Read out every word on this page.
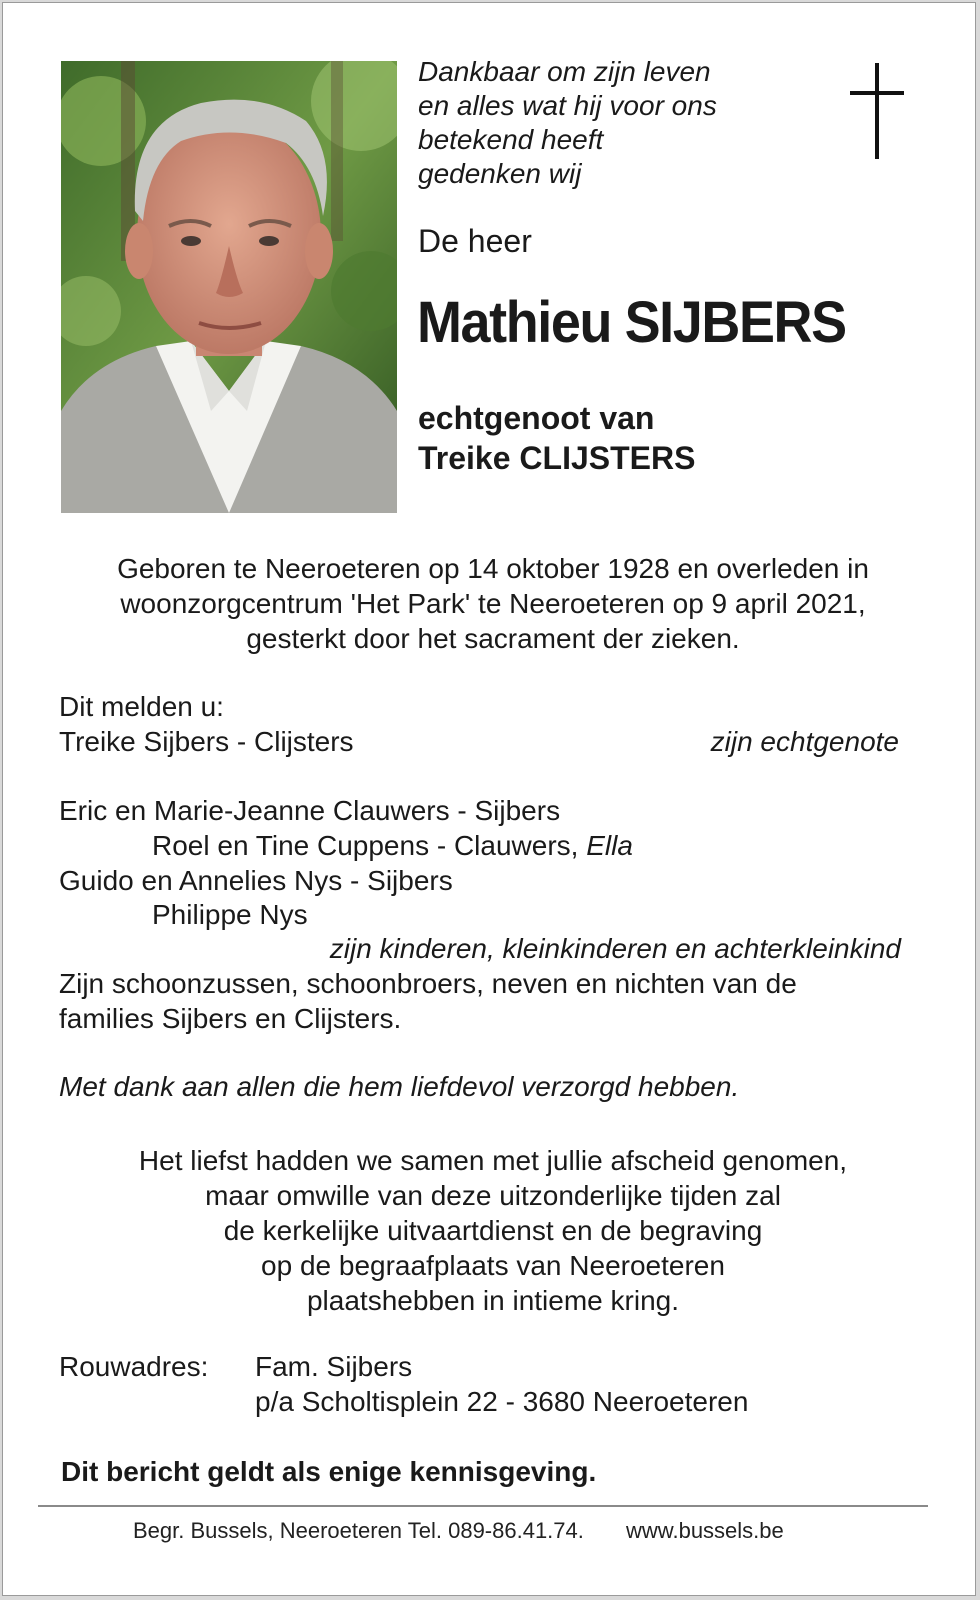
Dankbaar om zijn leven
en alles wat hij voor ons
betekend heeft
gedenken wij
De heer
Mathieu SIJBERS
echtgenoot van
Treike CLIJSTERS
Geboren te Neeroeteren op 14 oktober 1928 en overleden in
woonzorgcentrum 'Het Park' te Neeroeteren op 9 april 2021,
gesterkt door het sacrament der zieken.
Dit melden u:
Treike Sijbers - Clijsters	zijn echtgenote
Eric en Marie-Jeanne Clauwers - Sijbers
Roel en Tine Cuppens - Clauwers, Ella
Guido en Annelies Nys - Sijbers
Philippe Nys
zijn kinderen, kleinkinderen en achterkleinkind
Zijn schoonzussen, schoonbroers, neven en nichten van de
families Sijbers en Clijsters.
Met dank aan allen die hem liefdevol verzorgd hebben.
Het liefst hadden we samen met jullie afscheid genomen,
maar omwille van deze uitzonderlijke tijden zal
de kerkelijke uitvaartdienst en de begraving
op de begraafplaats van Neeroeteren
plaatshebben in intieme kring.
Rouwadres: Fam. Sijbers
p/a Scholtisplein 22 - 3680 Neeroeteren
Dit bericht geldt als enige kennisgeving.
Begr. Bussels, Neeroeteren Tel. 089-86.41.74. www.bussels.be
